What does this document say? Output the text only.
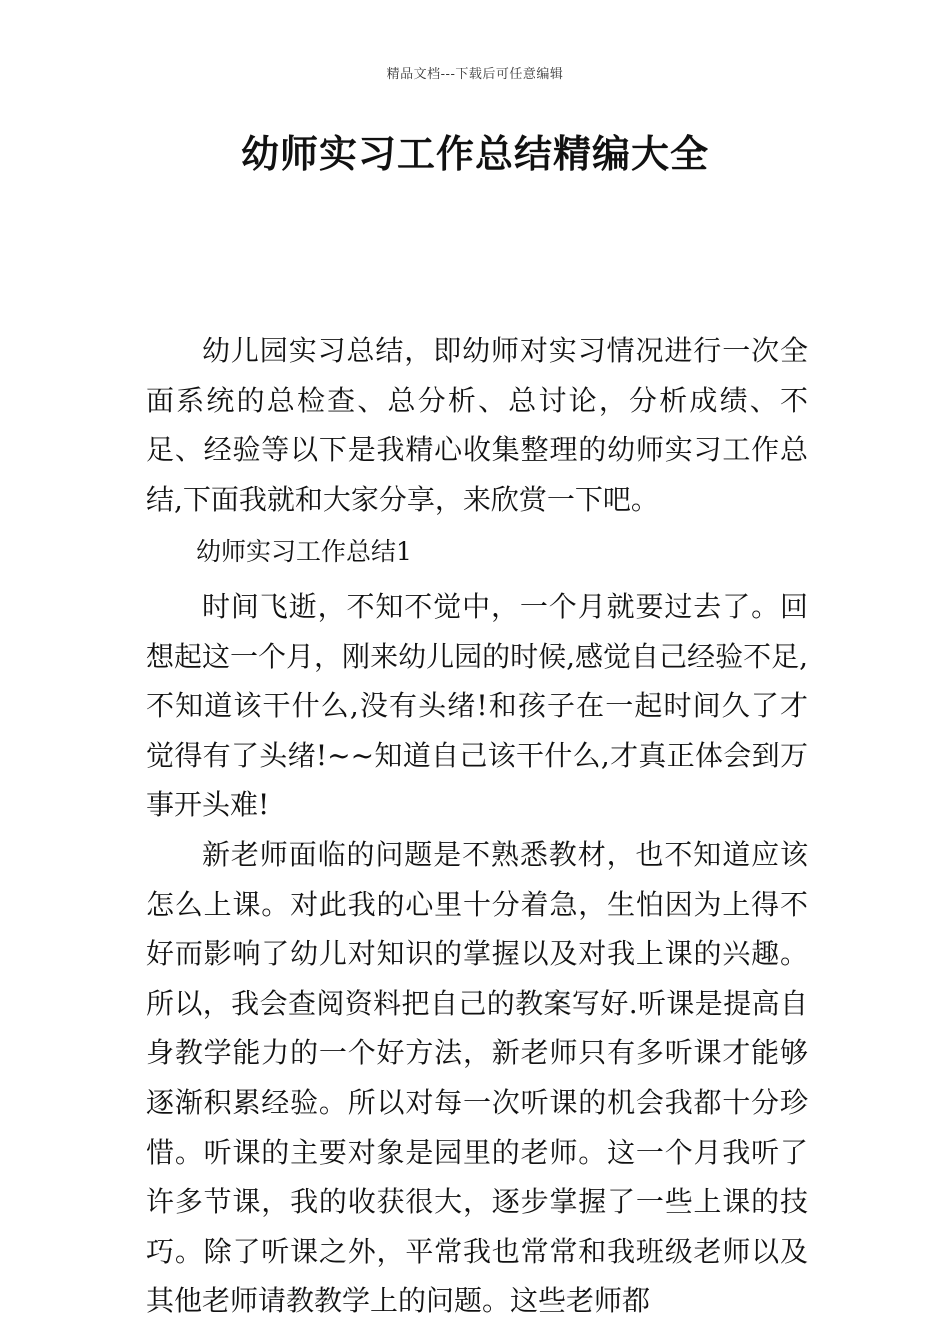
精品文档---下载后可任意编辑
幼师实习工作总结精编大全

幼儿园实习总结，即幼师对实习情况进行一次全面系统的总检查、总分析、总讨论，分析成绩、不足、经验等以下是我精心收集整理的幼师实习工作总结,下面我就和大家分享，来欣赏一下吧。

幼师实习工作总结1

时间飞逝，不知不觉中，一个月就要过去了。回想起这一个月，刚来幼儿园的时候,感觉自己经验不足,不知道该干什么,没有头绪!和孩子在一起时间久了才觉得有了头绪!~~知道自己该干什么,才真正体会到万事开头难!

新老师面临的问题是不熟悉教材，也不知道应该怎么上课。对此我的心里十分着急，生怕因为上得不好而影响了幼儿对知识的掌握以及对我上课的兴趣。所以，我会查阅资料把自己的教案写好.听课是提高自身教学能力的一个好方法，新老师只有多听课才能够逐渐积累经验。所以对每一次听课的机会我都十分珍惜。听课的主要对象是园里的老师。这一个月我听了许多节课，我的收获很大，逐步掌握了一些上课的技巧。除了听课之外，平常我也常常和我班级老师以及其他老师请教教学上的问题。这些老师都
